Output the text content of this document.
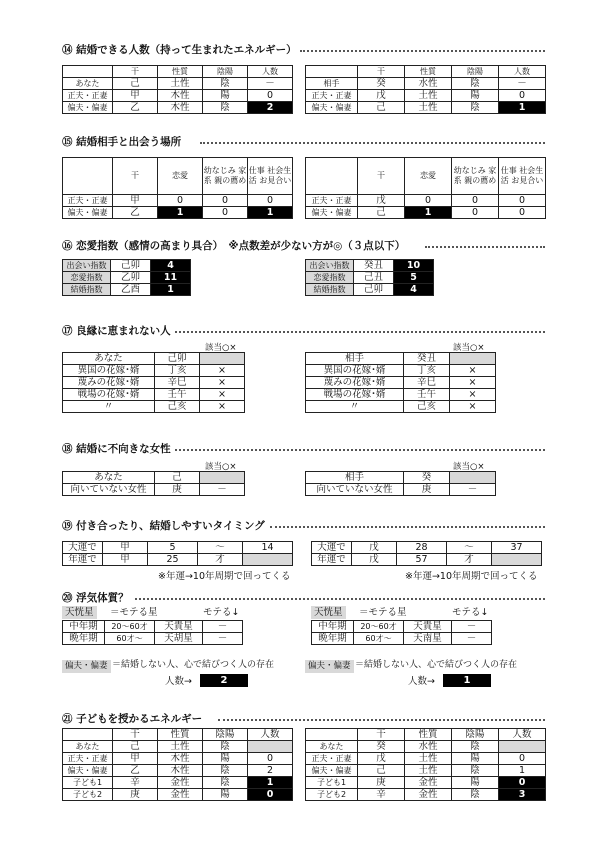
⑭ 結婚できる人数（持って生まれたエネルギー）
	干	性質	陰陽	人数
あなた	己	土性	陰	－
正夫・正妻	甲	木性	陽	0
偏夫・偏妻	乙	木性	陰	2
	干	性質	陰陽	人数
相手	癸	水性	陰	－
正夫・正妻	戊	土性	陽	0
偏夫・偏妻	己	土性	陰	1
⑮ 結婚相手と出会う場所
	干	恋愛	幼なじみ 家系 親の薦め	仕事 社会生活 お見合い
正夫・正妻	甲	0	0	0
偏夫・偏妻	乙	1	0	1
	干	恋愛	幼なじみ 家系 親の薦め	仕事 社会生活 お見合い
正夫・正妻	戊	0	0	0
偏夫・偏妻	己	1	0	0
⑯ 恋愛指数（感情の高まり具合）　※点数差が少ない方が◎（３点以下）
出会い指数	己卯	4
恋愛指数	乙卯	11
結婚指数	乙酉	1
出会い指数	癸丑	10
恋愛指数	己丑	5
結婚指数	己卯	4
⑰ 良縁に恵まれない人
該当○×
あなた	己卯	
異国の花嫁･婿	丁亥	×
蔑みの花嫁･婿	辛巳	×
戦場の花嫁･婿	壬午	×
〃	己亥	×
該当○×
相手	癸丑	
異国の花嫁･婿	丁亥	×
蔑みの花嫁･婿	辛巳	×
戦場の花嫁･婿	壬午	×
〃	己亥	×
⑱ 結婚に不向きな女性
該当○×
あなた	己	
向いていない女性	庚	－
該当○×
相手	癸	
向いていない女性	庚	－
⑲ 付き合ったり、結婚しやすいタイミング
大運で	甲	5	～	14
年運で	甲	25	才	
※年運→10年周期で回ってくる
大運で	戊	28	～	37
年運で	戊	57	才	
※年運→10年周期で回ってくる
⑳ 浮気体質？
天恍星	＝モテる星	モテる↓
中年期	20～60才	天貴星	－
晩年期	60才～	天胡星	－
天恍星	＝モテる星	モテる↓
中年期	20～60才	天貴星	－
晩年期	60才～	天南星	－
偏夫・偏妻 ＝結婚しない人、心で結びつく人の存在
人数→	2
偏夫・偏妻 ＝結婚しない人、心で結びつく人の存在
人数→	1
㉑ 子どもを授かるエネルギー
	干	性質	陰陽	人数
あなた	己	土性	陰	
正夫・正妻	甲	木性	陽	0
偏夫・偏妻	乙	木性	陰	2
子ども1	辛	金性	陰	1
子ども2	庚	金性	陽	0
	干	性質	陰陽	人数
あなた	癸	水性	陰	
正夫・正妻	戊	土性	陽	0
偏夫・偏妻	己	土性	陰	1
子ども1	庚	金性	陽	0
子ども2	辛	金性	陰	3
